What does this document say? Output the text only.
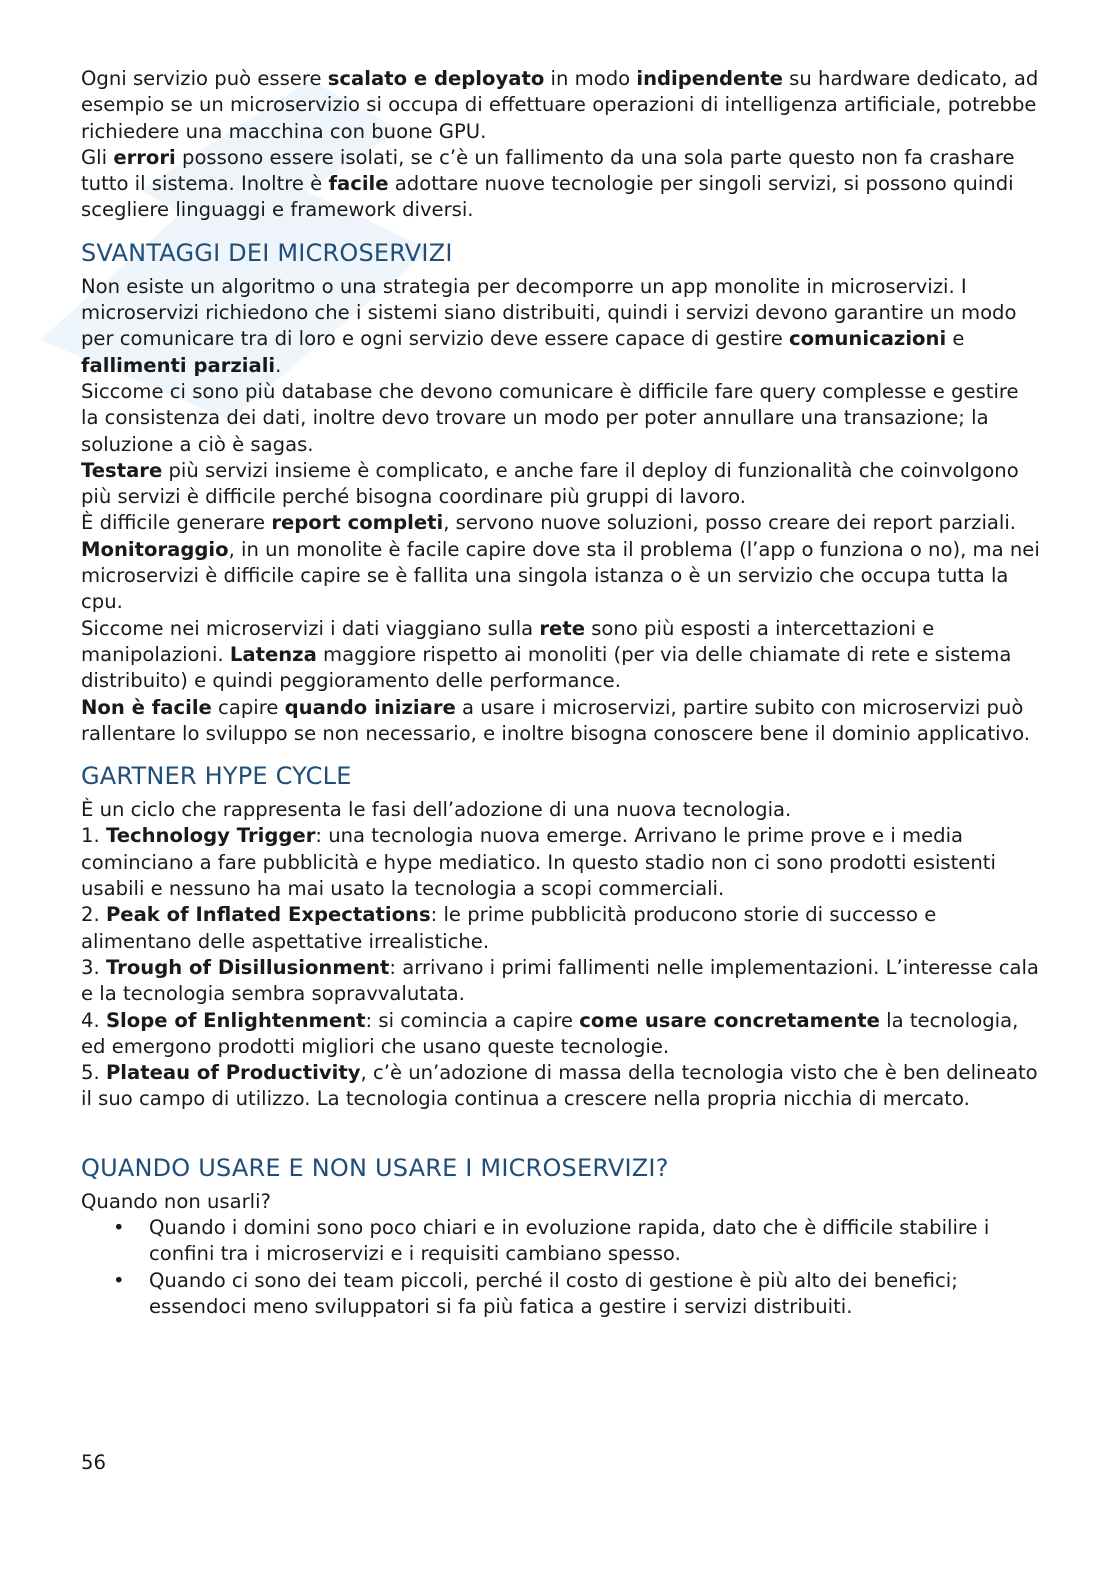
Ogni servizio può essere scalato e deployato in modo indipendente su hardware dedicato, ad esempio se un microservizio si occupa di effettuare operazioni di intelligenza artificiale, potrebbe richiedere una macchina con buone GPU.

Gli errori possono essere isolati, se c’è un fallimento da una sola parte questo non fa crashare tutto il sistema. Inoltre è facile adottare nuove tecnologie per singoli servizi, si possono quindi scegliere linguaggi e framework diversi.

SVANTAGGI DEI MICROSERVIZI

Non esiste un algoritmo o una strategia per decomporre un app monolite in microservizi. I microservizi richiedono che i sistemi siano distribuiti, quindi i servizi devono garantire un modo per comunicare tra di loro e ogni servizio deve essere capace di gestire comunicazioni e fallimenti parziali.

Siccome ci sono più database che devono comunicare è difficile fare query complesse e gestire la consistenza dei dati, inoltre devo trovare un modo per poter annullare una transazione; la soluzione a ciò è sagas.

Testare più servizi insieme è complicato, e anche fare il deploy di funzionalità che coinvolgono più servizi è difficile perché bisogna coordinare più gruppi di lavoro.

È difficile generare report completi, servono nuove soluzioni, posso creare dei report parziali.

Monitoraggio, in un monolite è facile capire dove sta il problema (l’app o funziona o no), ma nei microservizi è difficile capire se è fallita una singola istanza o è un servizio che occupa tutta la cpu.

Siccome nei microservizi i dati viaggiano sulla rete sono più esposti a intercettazioni e manipolazioni. Latenza maggiore rispetto ai monoliti (per via delle chiamate di rete e sistema distribuito) e quindi peggioramento delle performance.

Non è facile capire quando iniziare a usare i microservizi, partire subito con microservizi può rallentare lo sviluppo se non necessario, e inoltre bisogna conoscere bene il dominio applicativo.

GARTNER HYPE CYCLE

È un ciclo che rappresenta le fasi dell’adozione di una nuova tecnologia.

1. Technology Trigger: una tecnologia nuova emerge. Arrivano le prime prove e i media cominciano a fare pubblicità e hype mediatico. In questo stadio non ci sono prodotti esistenti usabili e nessuno ha mai usato la tecnologia a scopi commerciali.

2. Peak of Inflated Expectations: le prime pubblicità producono storie di successo e alimentano delle aspettative irrealistiche.

3. Trough of Disillusionment: arrivano i primi fallimenti nelle implementazioni. L’interesse cala e la tecnologia sembra sopravvalutata.

4. Slope of Enlightenment: si comincia a capire come usare concretamente la tecnologia, ed emergono prodotti migliori che usano queste tecnologie.

5. Plateau of Productivity, c’è un’adozione di massa della tecnologia visto che è ben delineato il suo campo di utilizzo. La tecnologia continua a crescere nella propria nicchia di mercato.

QUANDO USARE E NON USARE I MICROSERVIZI?

Quando non usarli?

• Quando i domini sono poco chiari e in evoluzione rapida, dato che è difficile stabilire i confini tra i microservizi e i requisiti cambiano spesso.
• Quando ci sono dei team piccoli, perché il costo di gestione è più alto dei benefici; essendoci meno sviluppatori si fa più fatica a gestire i servizi distribuiti.
56
